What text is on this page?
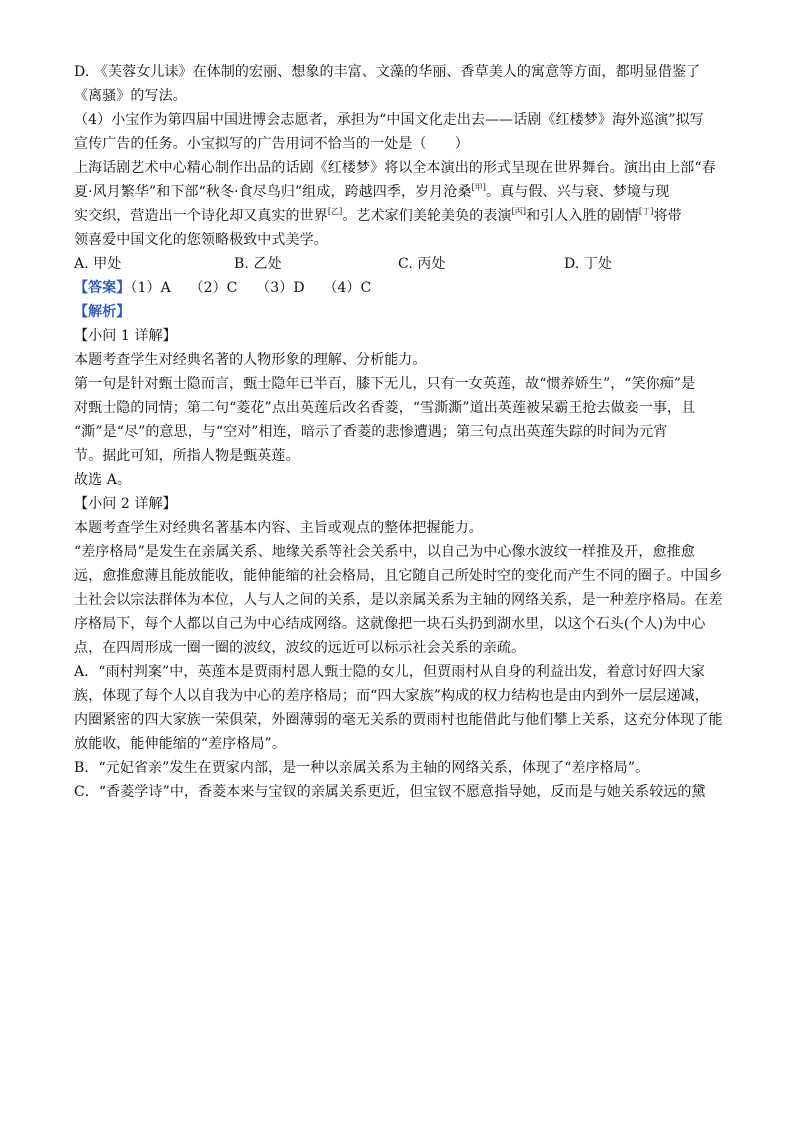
D. 《芙蓉女儿诔》在体制的宏丽、想象的丰富、文藻的华丽、香草美人的寓意等方面，都明显借鉴了
《离骚》的写法。
（4）小宝作为第四届中国进博会志愿者，承担为“中国文化走出去——话剧《红楼梦》海外巡演”拟写
宣传广告的任务。小宝拟写的广告用词不恰当的一处是（　　）
上海话剧艺术中心精心制作出品的话剧《红楼梦》将以全本演出的形式呈现在世界舞台。演出由上部“春
夏·风月繁华”和下部“秋冬·食尽鸟归”组成，跨越四季，岁月沧桑[甲]。真与假、兴与衰、梦境与现
实交织，营造出一个诗化却又真实的世界[乙]。艺术家们美轮美奂的表演[丙]和引人入胜的剧情[丁]将带
领喜爱中国文化的您领略极致中式美学。
A. 甲处	B. 乙处	C. 丙处	D. 丁处
【答案】（1）A　 （2）C　 （3）D　 （4）C
【解析】
【小问 1 详解】
本题考查学生对经典名著的人物形象的理解、分析能力。
第一句是针对甄士隐而言，甄士隐年已半百，膝下无儿，只有一女英莲，故“惯养娇生”，“笑你痴”是
对甄士隐的同情；第二句“菱花”点出英莲后改名香菱，“雪澌澌”道出英莲被呆霸王抢去做妾一事，且
“澌”是“尽”的意思，与“空对”相连，暗示了香菱的悲惨遭遇；第三句点出英莲失踪的时间为元宵
节。据此可知，所指人物是甄英莲。
故选 A。
【小问 2 详解】
本题考查学生对经典名著基本内容、主旨或观点的整体把握能力。
“差序格局”是发生在亲属关系、地缘关系等社会关系中，以自己为中心像水波纹一样推及开，愈推愈
远，愈推愈薄且能放能收，能伸能缩的社会格局，且它随自己所处时空的变化而产生不同的圈子。中国乡
土社会以宗法群体为本位，人与人之间的关系，是以亲属关系为主轴的网络关系，是一种差序格局。在差
序格局下，每个人都以自己为中心结成网络。这就像把一块石头扔到湖水里，以这个石头(个人)为中心
点，在四周形成一圈一圈的波纹，波纹的远近可以标示社会关系的亲疏。
A．“雨村判案”中，英莲本是贾雨村恩人甄士隐的女儿，但贾雨村从自身的利益出发，着意讨好四大家
族，体现了每个人以自我为中心的差序格局；而“四大家族”构成的权力结构也是由内到外一层层递减，
内圈紧密的四大家族一荣俱荣，外圈薄弱的毫无关系的贾雨村也能借此与他们攀上关系，这充分体现了能
放能收，能伸能缩的“差序格局”。
B．“元妃省亲”发生在贾家内部，是一种以亲属关系为主轴的网络关系，体现了“差序格局”。
C．“香菱学诗”中，香菱本来与宝钗的亲属关系更近，但宝钗不愿意指导她，反而是与她关系较远的黛
